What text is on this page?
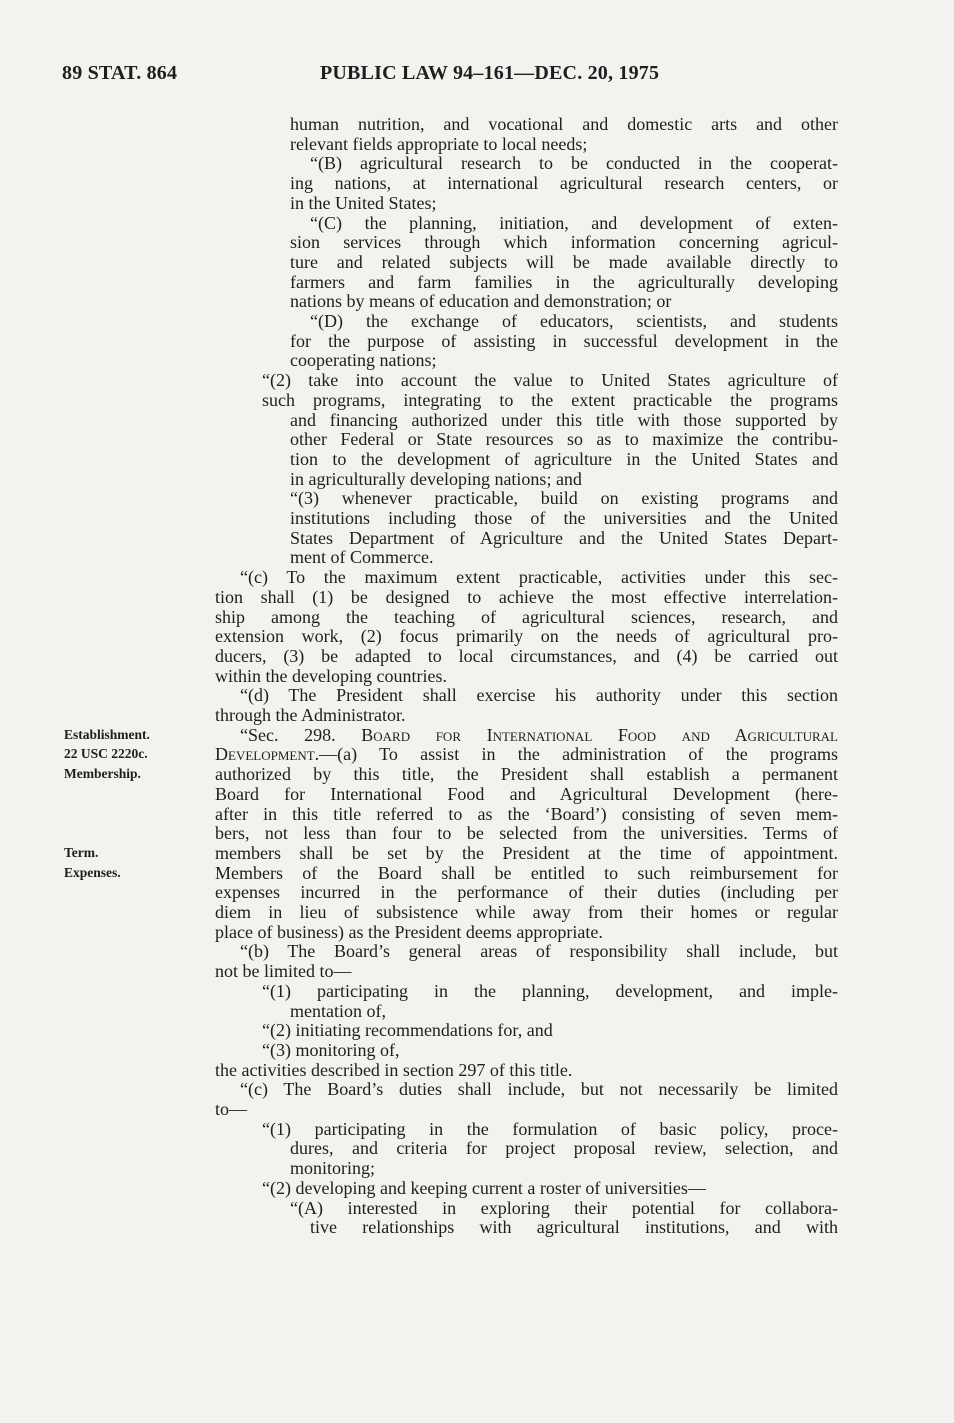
89 STAT. 864	PUBLIC LAW 94–161—DEC. 20, 1975
Establishment.
22 USC 2220c.
Membership.
Term.
Expenses.
human nutrition, and vocational and domestic arts and other
relevant fields appropriate to local needs;
“(B) agricultural research to be conducted in the cooperat-
ing nations, at international agricultural research centers, or
in the United States;
“(C) the planning, initiation, and development of exten-
sion services through which information concerning agricul-
ture and related subjects will be made available directly to
farmers and farm families in the agriculturally developing
nations by means of education and demonstration; or
“(D) the exchange of educators, scientists, and students
for the purpose of assisting in successful development in the
cooperating nations;
“(2) take into account the value to United States agriculture of
such programs, integrating to the extent practicable the programs
and financing authorized under this title with those supported by
other Federal or State resources so as to maximize the contribu-
tion to the development of agriculture in the United States and
in agriculturally developing nations; and
“(3) whenever practicable, build on existing programs and
institutions including those of the universities and the United
States Department of Agriculture and the United States Depart-
ment of Commerce.
“(c) To the maximum extent practicable, activities under this sec-
tion shall (1) be designed to achieve the most effective interrelation-
ship among the teaching of agricultural sciences, research, and
extension work, (2) focus primarily on the needs of agricultural pro-
ducers, (3) be adapted to local circumstances, and (4) be carried out
within the developing countries.
“(d) The President shall exercise his authority under this section
through the Administrator.
“Sec. 298. Board for International Food and Agricultural
Development.—(a) To assist in the administration of the programs
authorized by this title, the President shall establish a permanent
Board for International Food and Agricultural Development (here-
after in this title referred to as the ‘Board’) consisting of seven mem-
bers, not less than four to be selected from the universities. Terms of
members shall be set by the President at the time of appointment.
Members of the Board shall be entitled to such reimbursement for
expenses incurred in the performance of their duties (including per
diem in lieu of subsistence while away from their homes or regular
place of business) as the President deems appropriate.
“(b) The Board’s general areas of responsibility shall include, but
not be limited to—
“(1) participating in the planning, development, and imple-
mentation of,
“(2) initiating recommendations for, and
“(3) monitoring of,
the activities described in section 297 of this title.
“(c) The Board’s duties shall include, but not necessarily be limited
to—
“(1) participating in the formulation of basic policy, proce-
dures, and criteria for project proposal review, selection, and
monitoring;
“(2) developing and keeping current a roster of universities—
“(A) interested in exploring their potential for collabora-
tive relationships with agricultural institutions, and with
